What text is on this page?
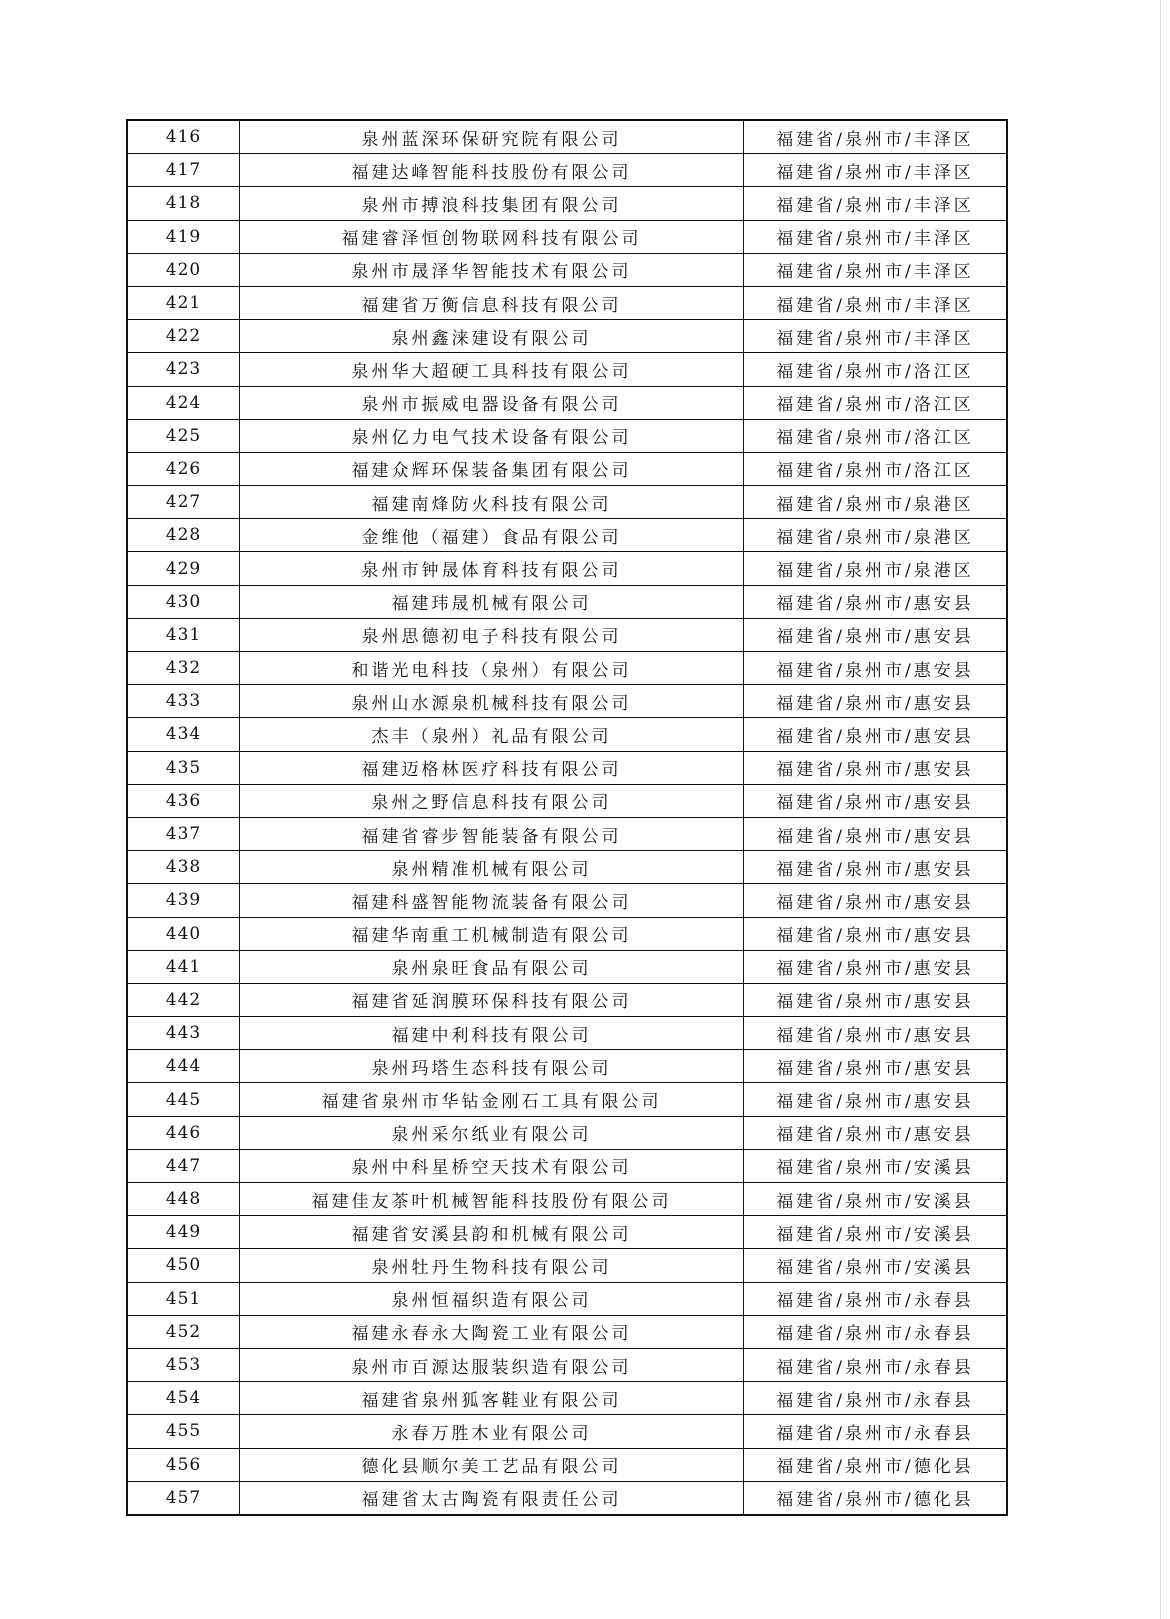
416	泉州蓝深环保研究院有限公司	福建省/泉州市/丰泽区
417	福建达峰智能科技股份有限公司	福建省/泉州市/丰泽区
418	泉州市搏浪科技集团有限公司	福建省/泉州市/丰泽区
419	福建睿泽恒创物联网科技有限公司	福建省/泉州市/丰泽区
420	泉州市晟泽华智能技术有限公司	福建省/泉州市/丰泽区
421	福建省万衡信息科技有限公司	福建省/泉州市/丰泽区
422	泉州鑫涞建设有限公司	福建省/泉州市/丰泽区
423	泉州华大超硬工具科技有限公司	福建省/泉州市/洛江区
424	泉州市振威电器设备有限公司	福建省/泉州市/洛江区
425	泉州亿力电气技术设备有限公司	福建省/泉州市/洛江区
426	福建众辉环保装备集团有限公司	福建省/泉州市/洛江区
427	福建南烽防火科技有限公司	福建省/泉州市/泉港区
428	金维他（福建）食品有限公司	福建省/泉州市/泉港区
429	泉州市钟晟体育科技有限公司	福建省/泉州市/泉港区
430	福建玮晟机械有限公司	福建省/泉州市/惠安县
431	泉州思德初电子科技有限公司	福建省/泉州市/惠安县
432	和谐光电科技（泉州）有限公司	福建省/泉州市/惠安县
433	泉州山水源泉机械科技有限公司	福建省/泉州市/惠安县
434	杰丰（泉州）礼品有限公司	福建省/泉州市/惠安县
435	福建迈格林医疗科技有限公司	福建省/泉州市/惠安县
436	泉州之野信息科技有限公司	福建省/泉州市/惠安县
437	福建省睿步智能装备有限公司	福建省/泉州市/惠安县
438	泉州精准机械有限公司	福建省/泉州市/惠安县
439	福建科盛智能物流装备有限公司	福建省/泉州市/惠安县
440	福建华南重工机械制造有限公司	福建省/泉州市/惠安县
441	泉州泉旺食品有限公司	福建省/泉州市/惠安县
442	福建省延润膜环保科技有限公司	福建省/泉州市/惠安县
443	福建中利科技有限公司	福建省/泉州市/惠安县
444	泉州玛塔生态科技有限公司	福建省/泉州市/惠安县
445	福建省泉州市华钻金刚石工具有限公司	福建省/泉州市/惠安县
446	泉州采尔纸业有限公司	福建省/泉州市/惠安县
447	泉州中科星桥空天技术有限公司	福建省/泉州市/安溪县
448	福建佳友茶叶机械智能科技股份有限公司	福建省/泉州市/安溪县
449	福建省安溪县韵和机械有限公司	福建省/泉州市/安溪县
450	泉州牡丹生物科技有限公司	福建省/泉州市/安溪县
451	泉州恒福织造有限公司	福建省/泉州市/永春县
452	福建永春永大陶瓷工业有限公司	福建省/泉州市/永春县
453	泉州市百源达服装织造有限公司	福建省/泉州市/永春县
454	福建省泉州狐客鞋业有限公司	福建省/泉州市/永春县
455	永春万胜木业有限公司	福建省/泉州市/永春县
456	德化县顺尔美工艺品有限公司	福建省/泉州市/德化县
457	福建省太古陶瓷有限责任公司	福建省/泉州市/德化县
